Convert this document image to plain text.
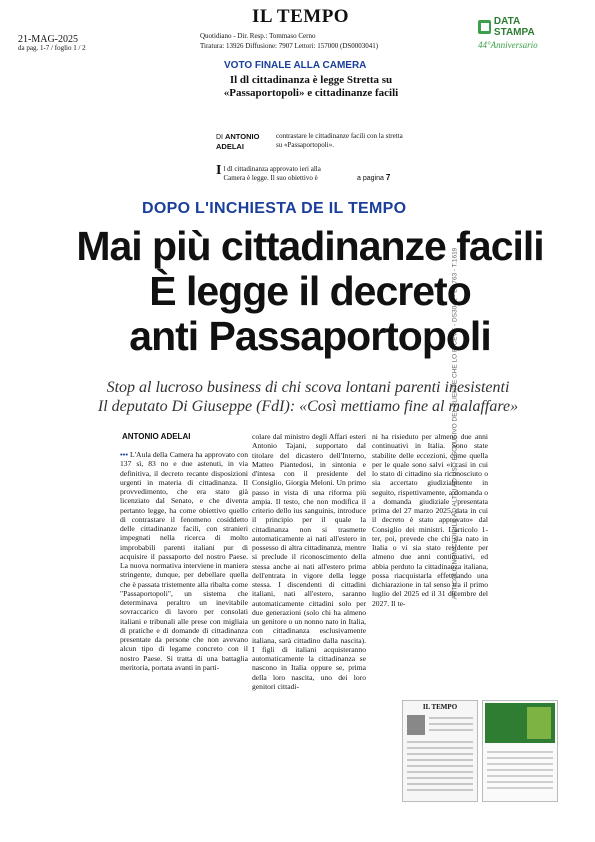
21-MAG-2025
da pag. 1-7 / foglio 1 / 2
IL TEMPO
Quotidiano - Dir. Resp.: Tommaso Cerno
Tiratura: 13926 Diffusione: 7907 Lettori: 157000 (DS0003041)
DATA STAMPA
44°Anniversario
ARTICOLO NON CEDIBILE AD ALTRI AD USO ESCLUSIVO DEL CLIENTE CHE LO RICEVE - DS3041 - L.1763 - T.1619
VOTO FINALE ALLA CAMERA
Il dl cittadinanza è legge Stretta su «Passaportopoli» e cittadinanze facili
DI ANTONIO
ADELAI
contrastare le cittadinanze facili con la stretta su «Passaportopoli».
I l dl cittadinanza approvato ieri alla Camera è legge. Il suo obiettivo è	a pagina 7
DOPO L'INCHIESTA DE IL TEMPO
Mai più cittadinanze facili
È legge il decreto
anti Passaportopoli
Stop al lucroso business di chi scova lontani parenti inesistenti
Il deputato Di Giuseppe (FdI): «Così mettiamo fine al malaffare»
ANTONIO ADELAI
••• L'Aula della Camera ha approvato con 137 sì, 83 no e due astenuti, in via definitiva, il decreto recante disposizioni urgenti in materia di cittadinanza. Il provvedimento, che era stato già licenziato dal Senato, e che diventa pertanto legge, ha come obiettivo quello di contrastare il fenomeno cosiddetto delle cittadinanze facili, con stranieri impegnati nella ricerca di molto improbabili parenti italiani pur di acquisire il passaporto del nostro Paese. La nuova normativa interviene in maniera stringente, dunque, per debellare quella che è passata tristemente alla ribalta come "Passaportopoli", un sistema che determinava peraltro un inevitabile sovraccarico di lavoro per consolati italiani e tribunali alle prese con migliaia di pratiche e di domande di cittadinanza presentate da persone che non avevano alcun tipo di legame concreto con il nostro Paese. Si tratta di una battaglia meritoria, portata avanti in parti-
colare dal ministro degli Affari esteri Antonio Tajani, supportato dal titolare del dicastero dell'Interno, Matteo Piantedosi, in sintonia e d'intesa con il presidente del Consiglio, Giorgia Meloni. Un primo passo in vista di una riforma più ampia. Il testo, che non modifica il criterio dello ius sanguinis, introduce il principio per il quale la cittadinanza non si trasmette automaticamente ai nati all'estero in possesso di altra cittadinanza, mentre si preclude il riconoscimento della stessa anche ai nati all'estero prima dell'entrata in vigore della legge stessa. I discendenti di cittadini italiani, nati all'estero, saranno automaticamente cittadini solo per due generazioni (solo chi ha almeno un genitore o un nonno nato in Italia, con cittadinanza esclusivamente italiana, sarà cittadino dalla nascita). I figli di italiani acquisteranno automaticamente la cittadinanza se nascono in Italia oppure se, prima della loro nascita, uno dei loro genitori cittadi-
ni ha risieduto per almeno due anni continuativi in Italia. Sono state stabilite delle eccezioni, come quella per le quale sono salvi «i casi in cui lo stato di cittadino sia riconosciuto o sia accertato giudizialmente in seguito, rispettivamente, a domanda o a domanda giudiziale presentata prima del 27 marzo 2025, data in cui il decreto è stato approvato» dal Consiglio dei ministri. L'articolo 1-ter, poi, prevede che chi sia nato in Italia o vi sia stato residente per almeno due anni continuativi, ed abbia perduto la cittadinanza italiana, possa riacquistarla effettuando una dichiarazione in tal senso tra il primo luglio del 2025 ed il 31 dicembre del 2027. Il te-
IL TEMPO
